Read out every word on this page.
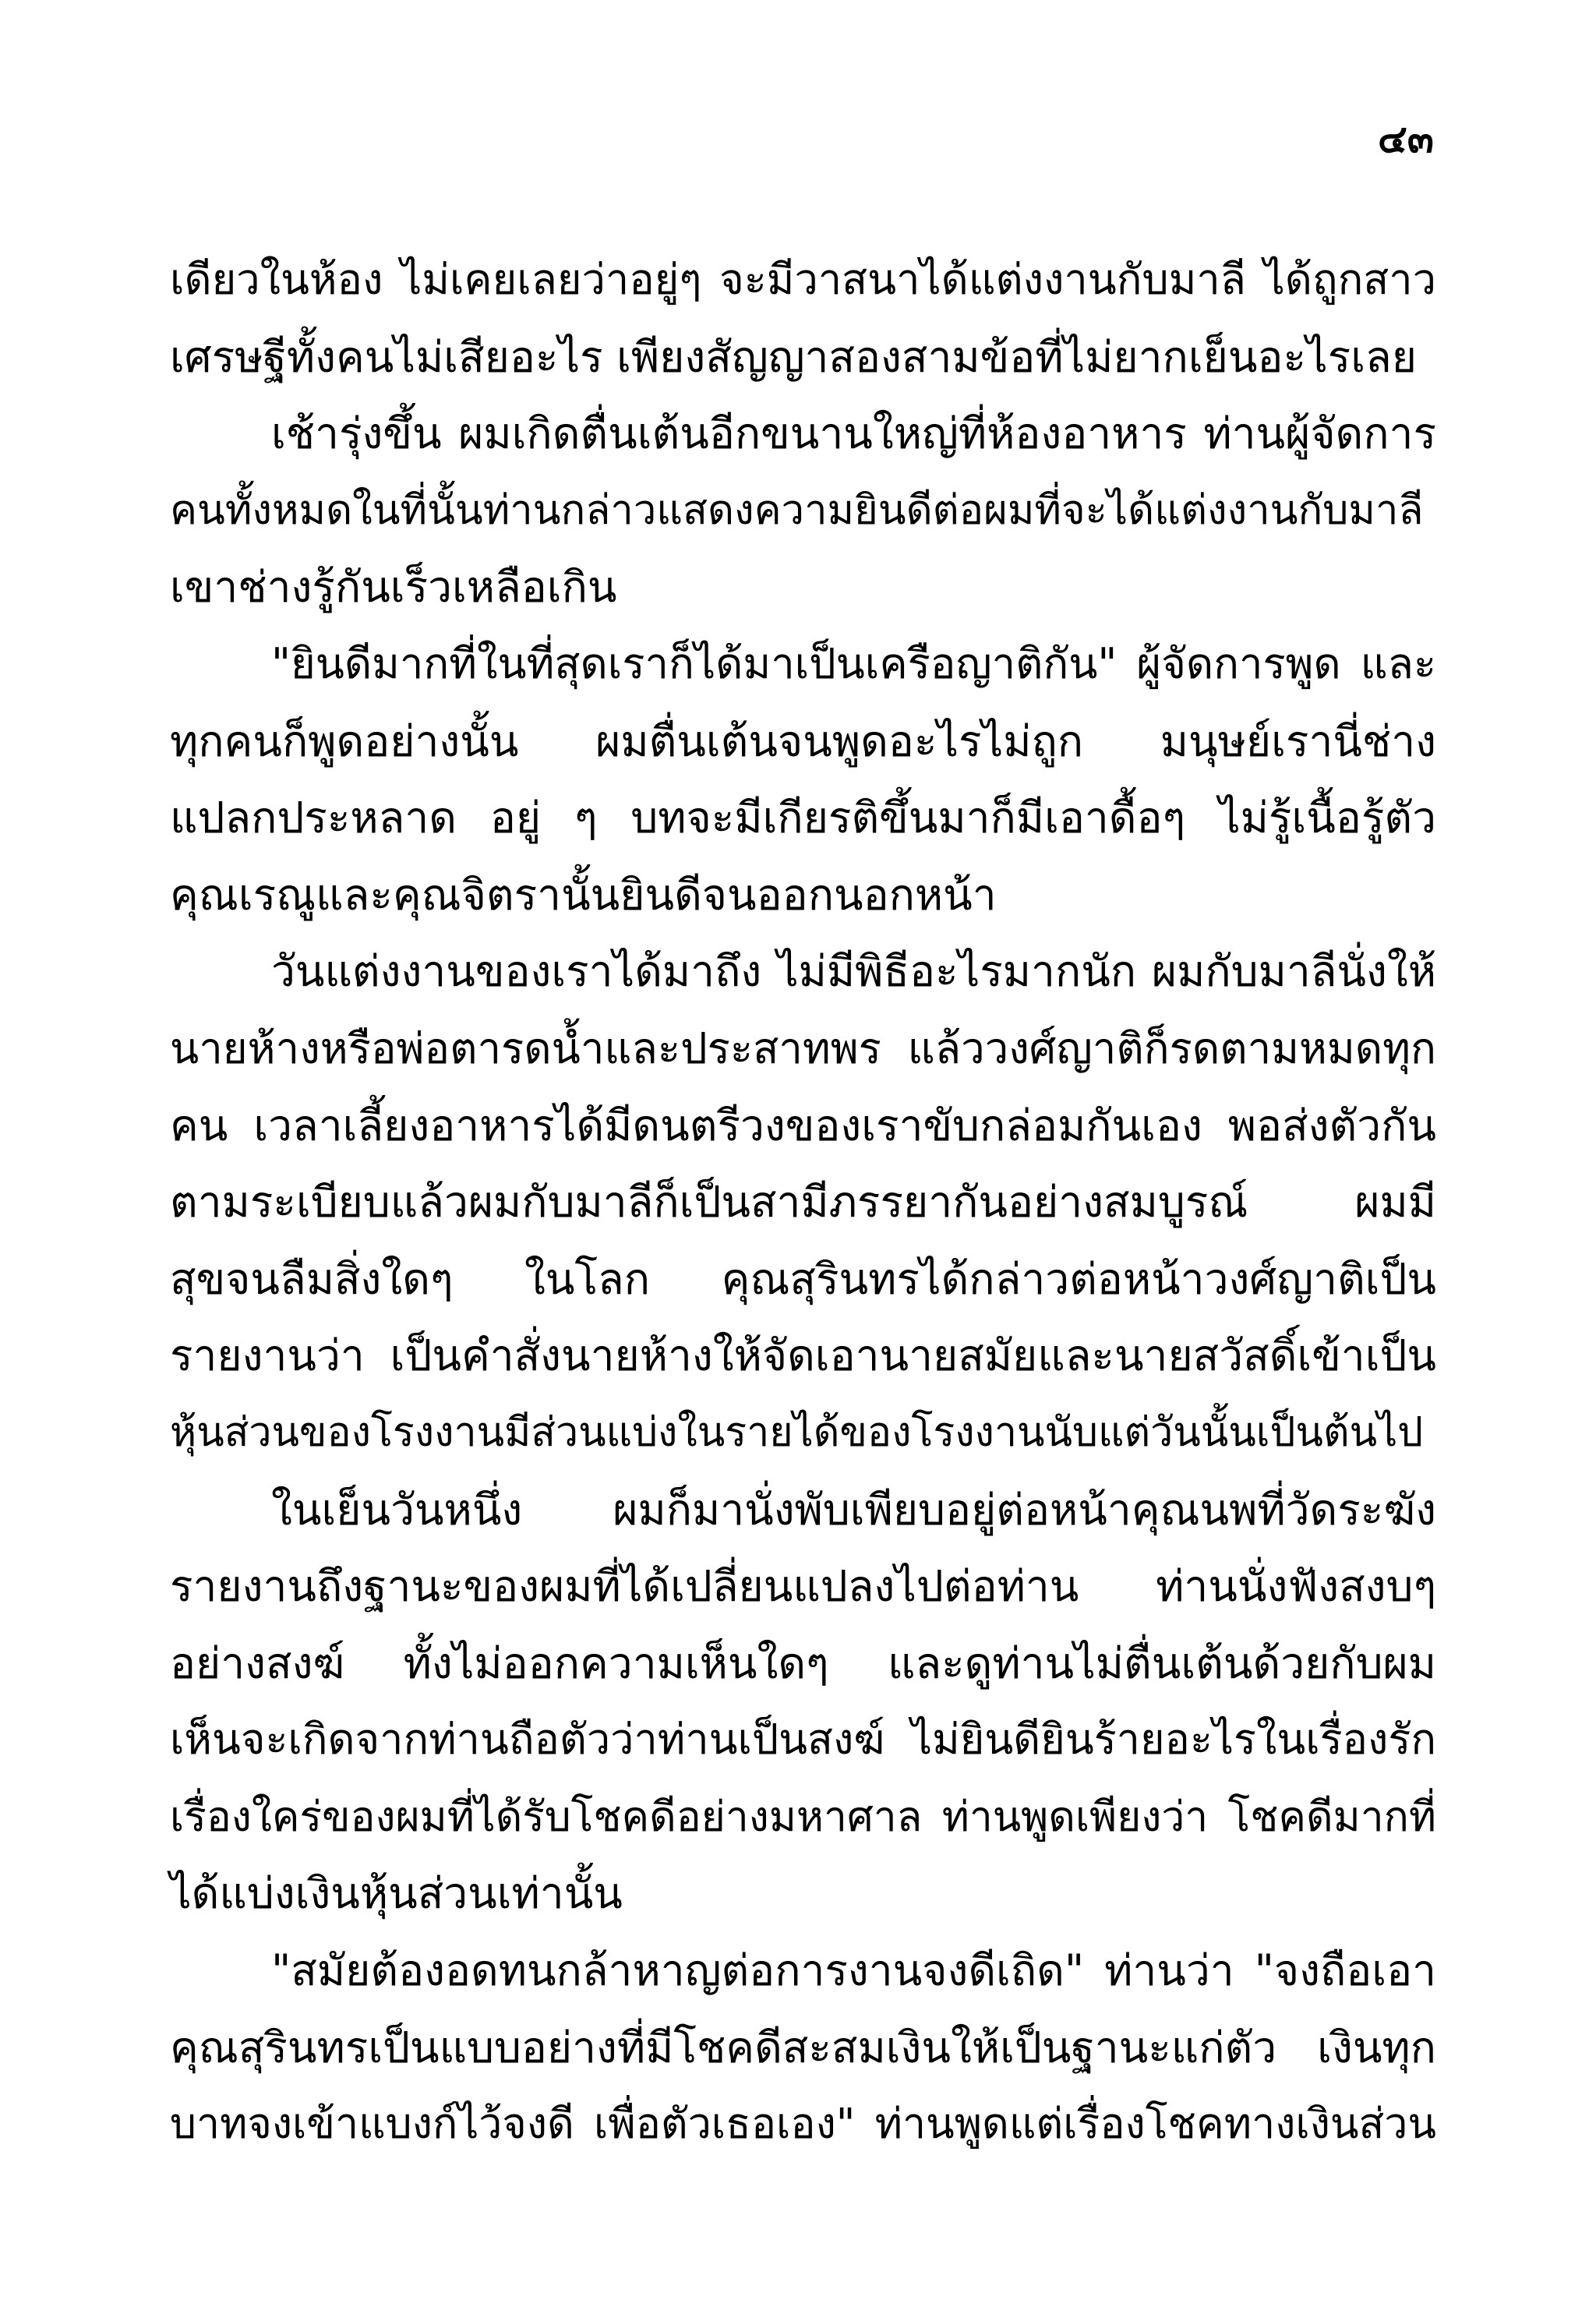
๔๓
เดียวในห้อง ไม่เคยเลยว่าอยู่ๆ จะมีวาสนาได้แต่งงานกับมาลี ได้ถูกสาว
เศรษฐีทั้งคนไม่เสียอะไร เพียงสัญญาสองสามข้อที่ไม่ยากเย็นอะไรเลย
เช้ารุ่งขึ้น ผมเกิดตื่นเต้นอีกขนานใหญ่ที่ห้องอาหาร ท่านผู้จัดการ
คนทั้งหมดในที่นั้นท่านกล่าวแสดงความยินดีต่อผมที่จะได้แต่งงานกับมาลี
เขาช่างรู้กันเร็วเหลือเกิน
"ยินดีมากที่ในที่สุดเราก็ได้มาเป็นเครือญาติกัน" ผู้จัดการพูด และ
ทุกคนก็พูดอย่างนั้น ผมตื่นเต้นจนพูดอะไรไม่ถูก มนุษย์เรานี่ช่าง
แปลกประหลาด อยู่ ๆ บทจะมีเกียรติขึ้นมาก็มีเอาดื้อๆ ไม่รู้เนื้อรู้ตัว
คุณเรณูและคุณจิตรานั้นยินดีจนออกนอกหน้า
วันแต่งงานของเราได้มาถึง ไม่มีพิธีอะไรมากนัก ผมกับมาลีนั่งให้
นายห้างหรือพ่อตารดน้ำและประสาทพร แล้ววงศ์ญาติก็รดตามหมดทุก
คน เวลาเลี้ยงอาหารได้มีดนตรีวงของเราขับกล่อมกันเอง พอส่งตัวกัน
ตามระเบียบแล้วผมกับมาลีก็เป็นสามีภรรยากันอย่างสมบูรณ์ ผมมี
สุขจนลืมสิ่งใดๆ ในโลก คุณสุรินทรได้กล่าวต่อหน้าวงศ์ญาติเป็น
รายงานว่า เป็นคำสั่งนายห้างให้จัดเอานายสมัยและนายสวัสดิ์เข้าเป็น
หุ้นส่วนของโรงงานมีส่วนแบ่งในรายได้ของโรงงานนับแต่วันนั้นเป็นต้นไป
ในเย็นวันหนึ่ง ผมก็มานั่งพับเพียบอยู่ต่อหน้าคุณนพที่วัดระฆัง
รายงานถึงฐานะของผมที่ได้เปลี่ยนแปลงไปต่อท่าน ท่านนั่งฟังสงบๆ
อย่างสงฆ์ ทั้งไม่ออกความเห็นใดๆ และดูท่านไม่ตื่นเต้นด้วยกับผม
เห็นจะเกิดจากท่านถือตัวว่าท่านเป็นสงฆ์ ไม่ยินดียินร้ายอะไรในเรื่องรัก
เรื่องใคร่ของผมที่ได้รับโชคดีอย่างมหาศาล ท่านพูดเพียงว่า โชคดีมากที่
ได้แบ่งเงินหุ้นส่วนเท่านั้น
"สมัยต้องอดทนกล้าหาญต่อการงานจงดีเถิด" ท่านว่า "จงถือเอา
คุณสุรินทรเป็นแบบอย่างที่มีโชคดีสะสมเงินให้เป็นฐานะแก่ตัว เงินทุก
บาทจงเข้าแบงก์ไว้จงดี เพื่อตัวเธอเอง" ท่านพูดแต่เรื่องโชคทางเงินส่วน
